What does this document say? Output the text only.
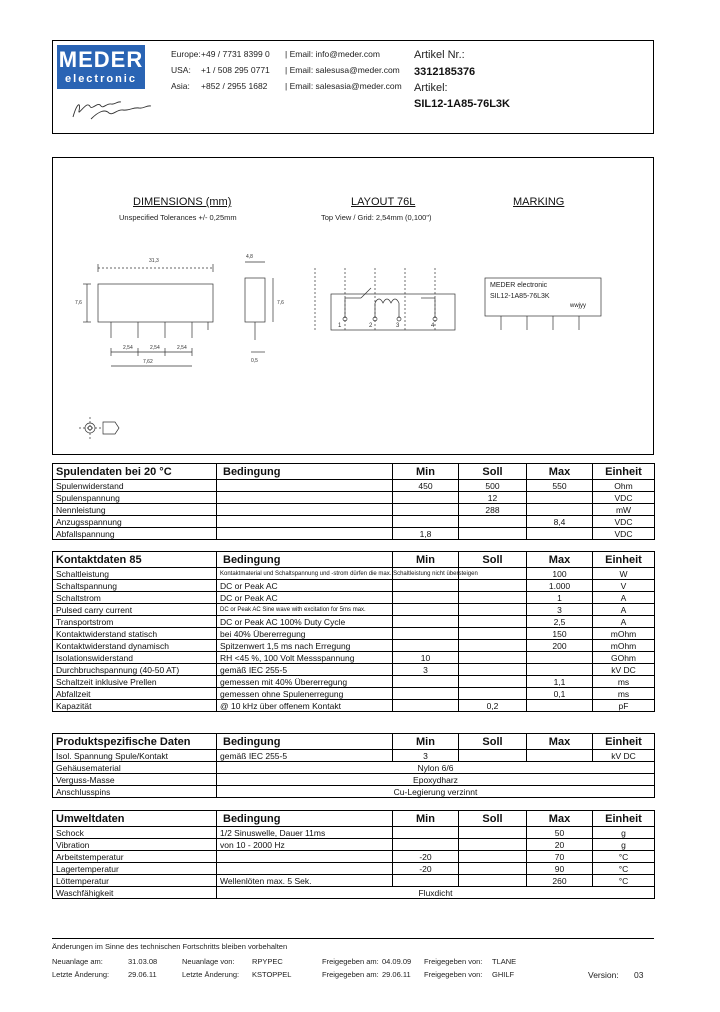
MEDER
electronic
Europe: +49 / 7731 8399 0 | Email: info@meder.com
USA: +1 / 508 295 0771 | Email: salesusa@meder.com
Asia: +852 / 2955 1682 | Email: salesasia@meder.com
Artikel Nr.:
3312185376
Artikel:
SIL12-1A85-76L3K
DIMENSIONS (mm)
Unspecified Tolerances +/- 0,25mm
LAYOUT 76L
Top View / Grid: 2,54mm (0,100")
MARKING
31,3
7,6
2,54	2,54	2,54
7,62
4,8
7,6
0,5
1	2	3	4
MEDER electronic
SIL12-1A85-76L3K
wwjyy
Spulendaten bei 20 °C	Bedingung	Min	Soll	Max	Einheit
Spulenwiderstand		450	500	550	Ohm
Spulenspannung			12		VDC
Nennleistung			288		mW
Anzugsspannung				8,4	VDC
Abfallspannung		1,8			VDC
Kontaktdaten 85	Bedingung	Min	Soll	Max	Einheit
Schaltleistung	Kontaktmaterial und Schaltspannung und -strom dürfen die max. Schaltleistung nicht übersteigen			100	W
Schaltspannung	DC or Peak AC			1.000	V
Schaltstrom	DC or Peak AC			1	A
Pulsed carry current	DC or Peak AC Sine wave with excitation for 5ms max.			3	A
Transportstrom	DC or Peak AC 100% Duty Cycle			2,5	A
Kontaktwiderstand statisch	bei 40% Übererregung			150	mOhm
Kontaktwiderstand dynamisch	Spitzenwert 1,5 ms nach Erregung			200	mOhm
Isolationswiderstand	RH <45 %, 100 Volt Messspannung	10			GOhm
Durchbruchspannung (40-50 AT)	gemäß IEC 255-5	3			kV DC
Schaltzeit inklusive Prellen	gemessen mit 40% Übererregung			1,1	ms
Abfallzeit	gemessen ohne Spulenerregung			0,1	ms
Kapazität	@ 10 kHz über offenem Kontakt		0,2		pF
Produktspezifische Daten	Bedingung	Min	Soll	Max	Einheit
Isol. Spannung Spule/Kontakt	gemäß IEC 255-5	3			kV DC
Gehäusematerial	Nylon 6/6				
Verguss-Masse	Epoxydharz				
Anschlusspins	Cu-Legierung verzinnt				
Umweltdaten	Bedingung	Min	Soll	Max	Einheit
Schock	1/2 Sinuswelle, Dauer 11ms			50	g
Vibration	von 10 - 2000 Hz			20	g
Arbeitstemperatur		-20		70	°C
Lagertemperatur		-20		90	°C
Löttemperatur	Wellenlöten max. 5 Sek.			260	°C
Waschfähigkeit	Fluxdicht				
Änderungen im Sinne des technischen Fortschritts bleiben vorbehalten
Neuanlage am:	31.03.08	Neuanlage von: RPYPEC	Freigegeben am: 04.09.09 Freigegeben von: TLANE
Letzte Änderung:	29.06.11	Letzte Änderung: KSTOPPEL	Freigegeben am: 29.06.11 Freigegeben von: GHILF	Version: 03
